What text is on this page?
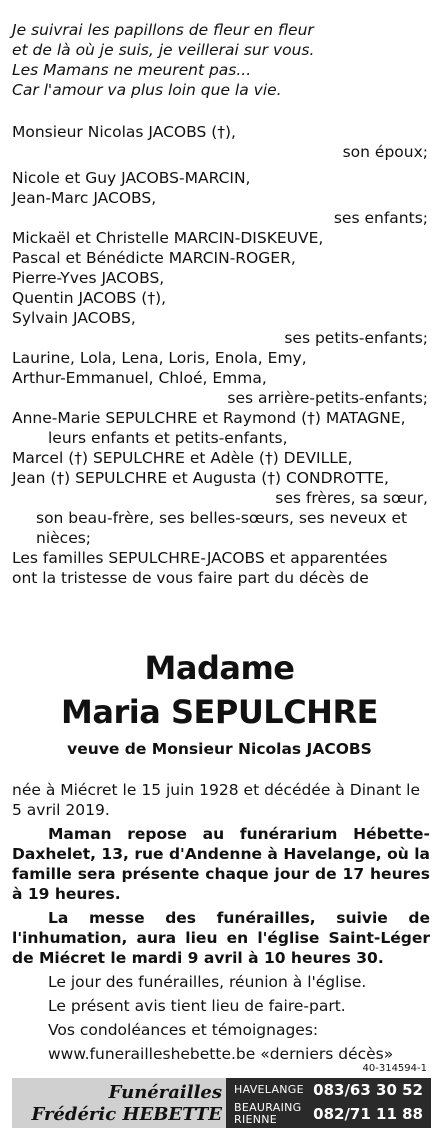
Je suivrai les papillons de fleur en fleur
et de là où je suis, je veillerai sur vous.
Les Mamans ne meurent pas...
Car l'amour va plus loin que la vie.
Monsieur Nicolas JACOBS (†),
son époux;
Nicole et Guy JACOBS-MARCIN,
Jean-Marc JACOBS,
ses enfants;
Mickaël et Christelle MARCIN-DISKEUVE,
Pascal et Bénédicte MARCIN-ROGER,
Pierre-Yves JACOBS,
Quentin JACOBS (†),
Sylvain JACOBS,
ses petits-enfants;
Laurine, Lola, Lena, Loris, Enola, Emy,
Arthur-Emmanuel, Chloé, Emma,
ses arrière-petits-enfants;
Anne-Marie SEPULCHRE et Raymond (†) MATAGNE,
leurs enfants et petits-enfants,
Marcel (†) SEPULCHRE et Adèle (†) DEVILLE,
Jean (†) SEPULCHRE et Augusta (†) CONDROTTE,
ses frères, sa sœur,
son beau-frère, ses belles-sœurs, ses neveux et nièces;
Les familles SEPULCHRE-JACOBS et apparentées
ont la tristesse de vous faire part du décès de
Madame
Maria SEPULCHRE
veuve de Monsieur Nicolas JACOBS

née à Miécret le 15 juin 1928 et décédée à Dinant le 5 avril 2019.

Maman repose au funérarium Hébette-Daxhelet, 13, rue d'Andenne à Havelange, où la famille sera présente chaque jour de 17 heures à 19 heures.

La messe des funérailles, suivie de l'inhumation, aura lieu en l'église Saint-Léger de Miécret le mardi 9 avril à 10 heures 30.

Le jour des funérailles, réunion à l'église.
Le présent avis tient lieu de faire-part.
Vos condoléances et témoignages:
www.funerailleshebette.be «derniers décès»
40-314594-1
Funérailles
Frédéric HEBETTE
HAVELANGE 083/63 30 52
BEAURAING
RIENNE 082/71 11 88
